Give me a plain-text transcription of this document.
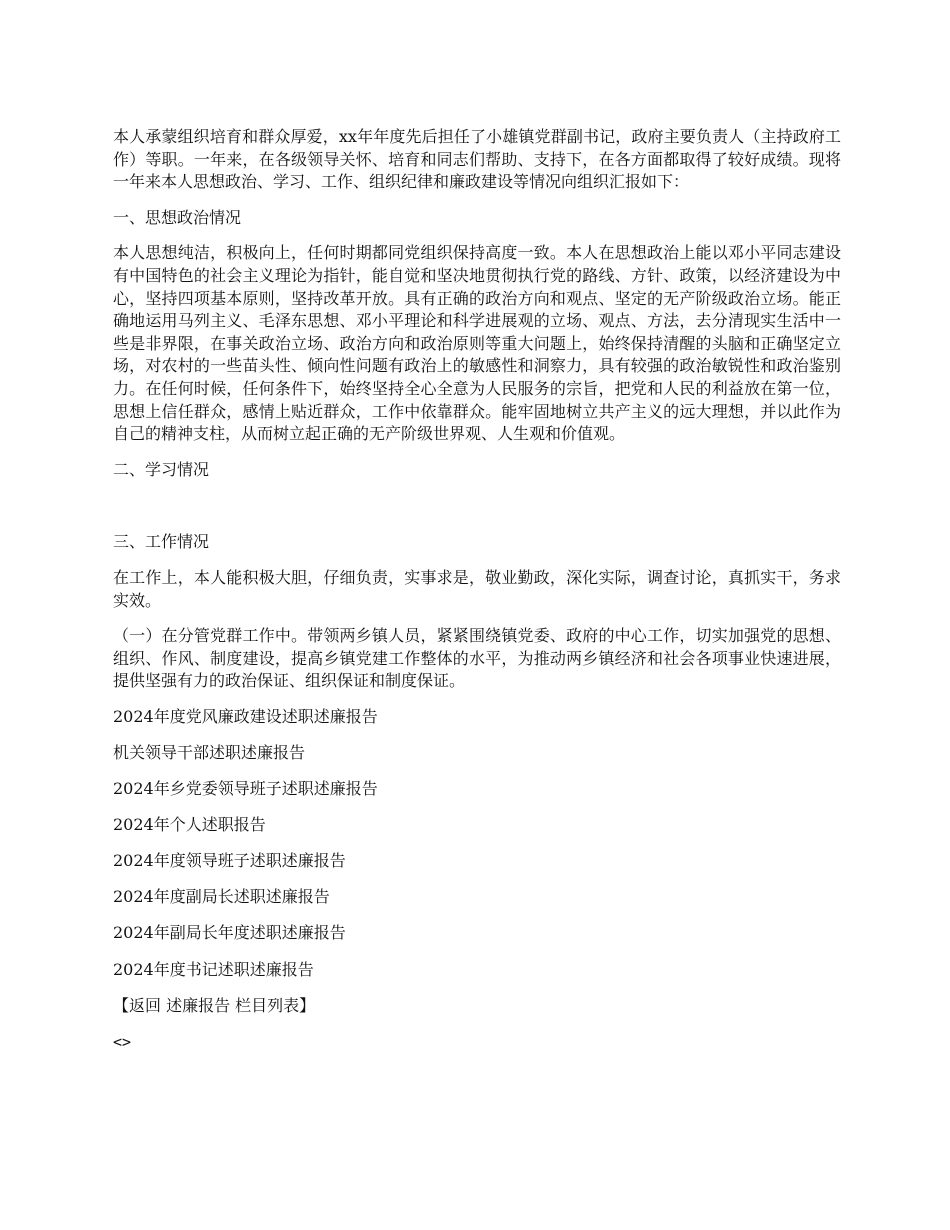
本人承蒙组织培育和群众厚爱，xx年年度先后担任了小雄镇党群副书记，政府主要负责人（主持政府工作）等职。一年来，在各级领导关怀、培育和同志们帮助、支持下，在各方面都取得了较好成绩。现将一年来本人思想政治、学习、工作、组织纪律和廉政建设等情况向组织汇报如下：

一、思想政治情况

本人思想纯洁，积极向上，任何时期都同党组织保持高度一致。本人在思想政治上能以邓小平同志建设有中国特色的社会主义理论为指针，能自觉和坚决地贯彻执行党的路线、方针、政策，以经济建设为中心，坚持四项基本原则，坚持改革开放。具有正确的政治方向和观点、坚定的无产阶级政治立场。能正确地运用马列主义、毛泽东思想、邓小平理论和科学进展观的立场、观点、方法，去分清现实生活中一些是非界限，在事关政治立场、政治方向和政治原则等重大问题上，始终保持清醒的头脑和正确坚定立场，对农村的一些苗头性、倾向性问题有政治上的敏感性和洞察力，具有较强的政治敏锐性和政治鉴别力。在任何时候，任何条件下，始终坚持全心全意为人民服务的宗旨，把党和人民的利益放在第一位，思想上信任群众，感情上贴近群众，工作中依靠群众。能牢固地树立共产主义的远大理想，并以此作为自己的精神支柱，从而树立起正确的无产阶级世界观、人生观和价值观。

二、学习情况

三、工作情况

在工作上，本人能积极大胆，仔细负责，实事求是，敬业勤政，深化实际，调查讨论，真抓实干，务求实效。

（一）在分管党群工作中。带领两乡镇人员，紧紧围绕镇党委、政府的中心工作，切实加强党的思想、组织、作风、制度建设，提高乡镇党建工作整体的水平，为推动两乡镇经济和社会各项事业快速进展，提供坚强有力的政治保证、组织保证和制度保证。

2024年度党风廉政建设述职述廉报告
机关领导干部述职述廉报告
2024年乡党委领导班子述职述廉报告
2024年个人述职报告
2024年度领导班子述职述廉报告
2024年度副局长述职述廉报告
2024年副局长年度述职述廉报告
2024年度书记述职述廉报告

【返回 述廉报告 栏目列表】

<>
